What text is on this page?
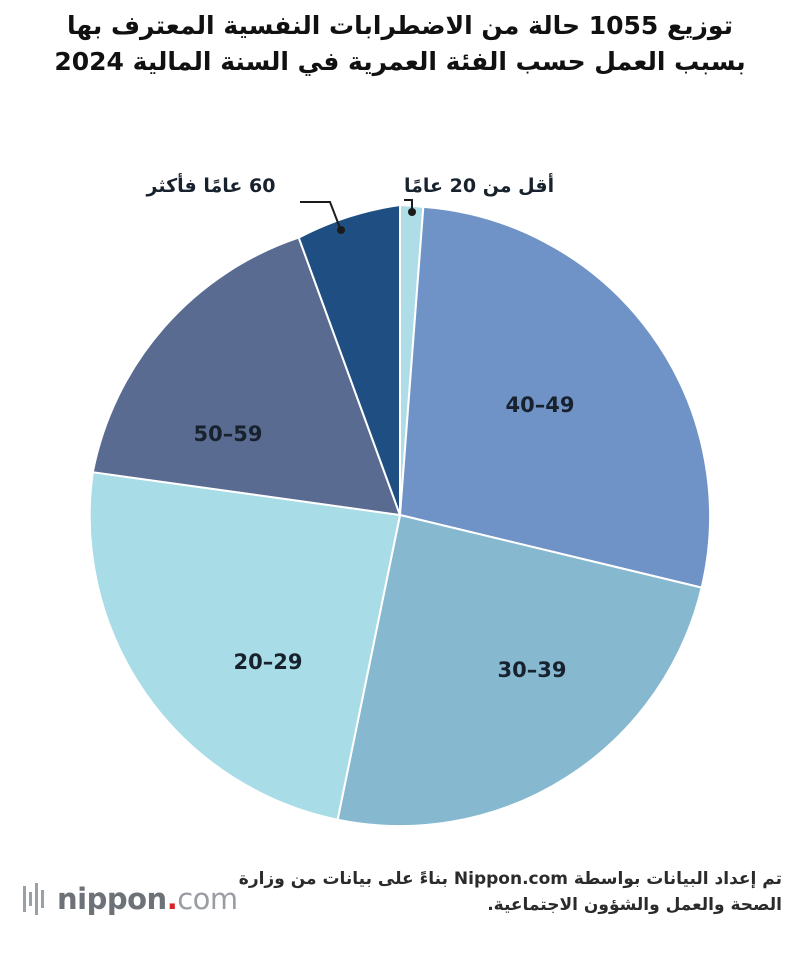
توزيع 1055 حالة من الاضطرابات النفسية المعترف بها بسبب العمل حسب الفئة العمرية في السنة المالية 2024
40–49
30–39
20–29
50–59
أقل من 20 عامًا
60 عامًا فأكثر
تم إعداد البيانات بواسطة Nippon.com بناءً على بيانات من وزارة الصحة والعمل والشؤون الاجتماعية.
nippon.com
